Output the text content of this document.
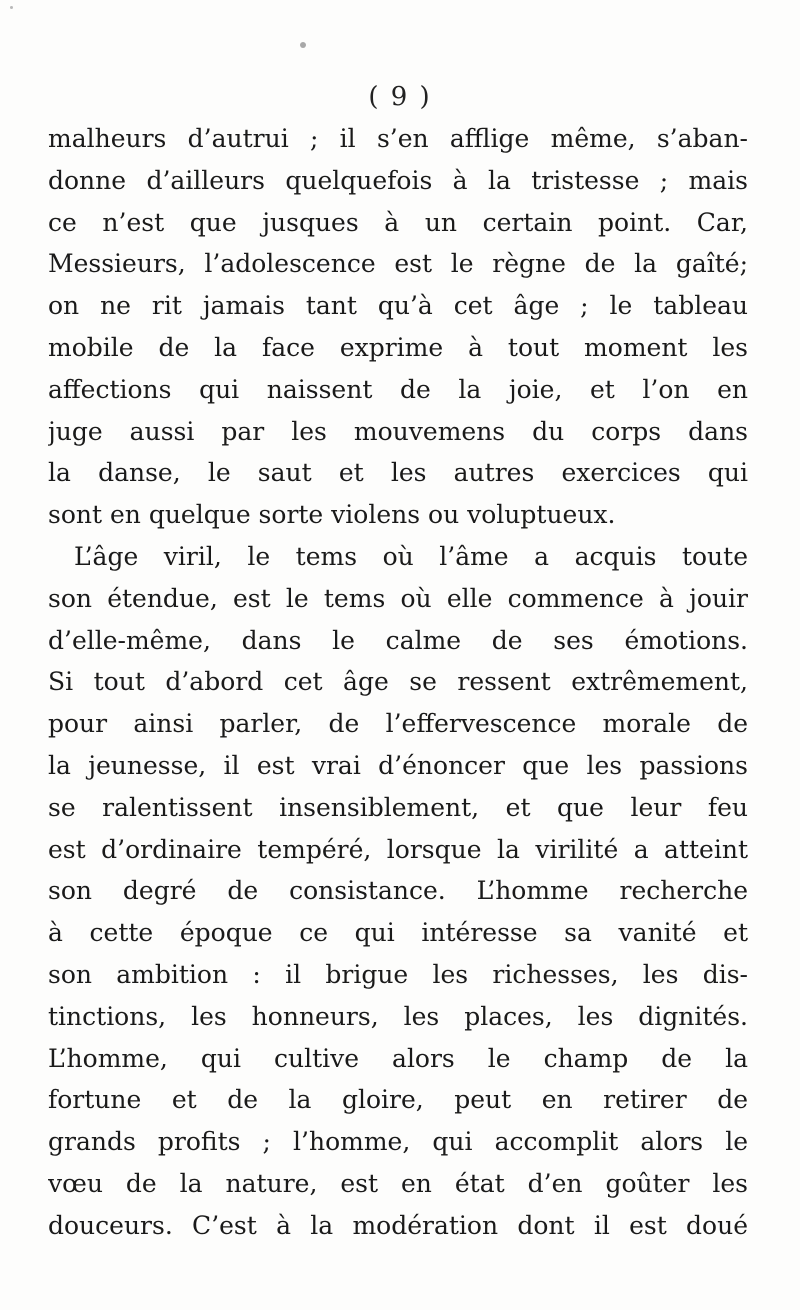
( 9 )
malheurs d’autrui ; il s’en afflige même, s’aban-
donne d’ailleurs quelquefois à la tristesse ; mais
ce n’est que jusques à un certain point. Car,
Messieurs, l’adolescence est le règne de la gaîté;
on ne rit jamais tant qu’à cet âge ; le tableau
mobile de la face exprime à tout moment les
affections qui naissent de la joie, et l’on en
juge aussi par les mouvemens du corps dans
la danse, le saut et les autres exercices qui
sont en quelque sorte violens ou voluptueux.
L’âge viril, le tems où l’âme a acquis toute
son étendue, est le tems où elle commence à jouir
d’elle-même, dans le calme de ses émotions.
Si tout d’abord cet âge se ressent extrêmement,
pour ainsi parler, de l’effervescence morale de
la jeunesse, il est vrai d’énoncer que les passions
se ralentissent insensiblement, et que leur feu
est d’ordinaire tempéré, lorsque la virilité a atteint
son degré de consistance. L’homme recherche
à cette époque ce qui intéresse sa vanité et
son ambition : il brigue les richesses, les dis-
tinctions, les honneurs, les places, les dignités.
L’homme, qui cultive alors le champ de la
fortune et de la gloire, peut en retirer de
grands profits ; l’homme, qui accomplit alors le
vœu de la nature, est en état d’en goûter les
douceurs. C’est à la modération dont il est doué
